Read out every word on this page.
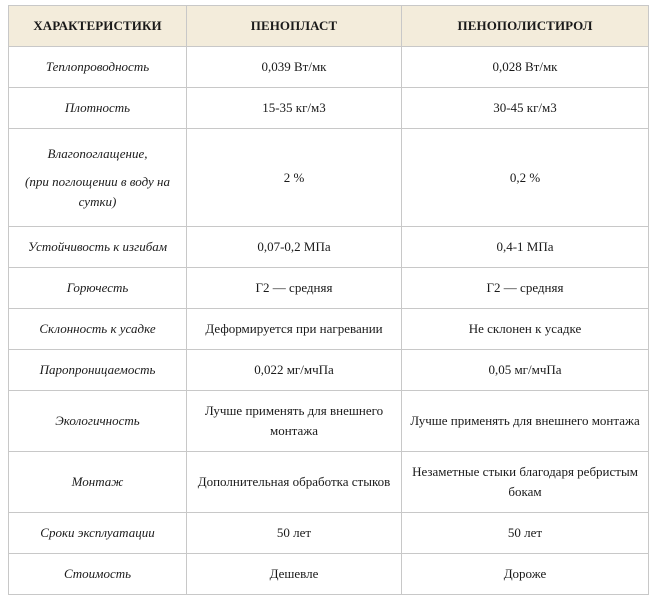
ХАРАКТЕРИСТИКИ	ПЕНОПЛАСТ	ПЕНОПОЛИСТИРОЛ
Теплопроводность	0,039 Вт/мк	0,028 Вт/мк
Плотность	15-35 кг/м3	30-45 кг/м3
Влагопоглащение,
(при поглощении в воду на сутки)	2 %	0,2 %
Устойчивость к изгибам	0,07-0,2 МПа	0,4-1 МПа
Горючесть	Г2 — средняя	Г2 — средняя
Склонность к усадке	Деформируется при нагревании	Не склонен к усадке
Паропроницаемость	0,022 мг/мчПа	0,05 мг/мчПа
Экологичность	Лучше применять для внешнего монтажа	Лучше применять для внешнего монтажа
Монтаж	Дополнительная обработка стыков	Незаметные стыки благодаря ребристым бокам
Сроки эксплуатации	50 лет	50 лет
Стоимость	Дешевле	Дороже
